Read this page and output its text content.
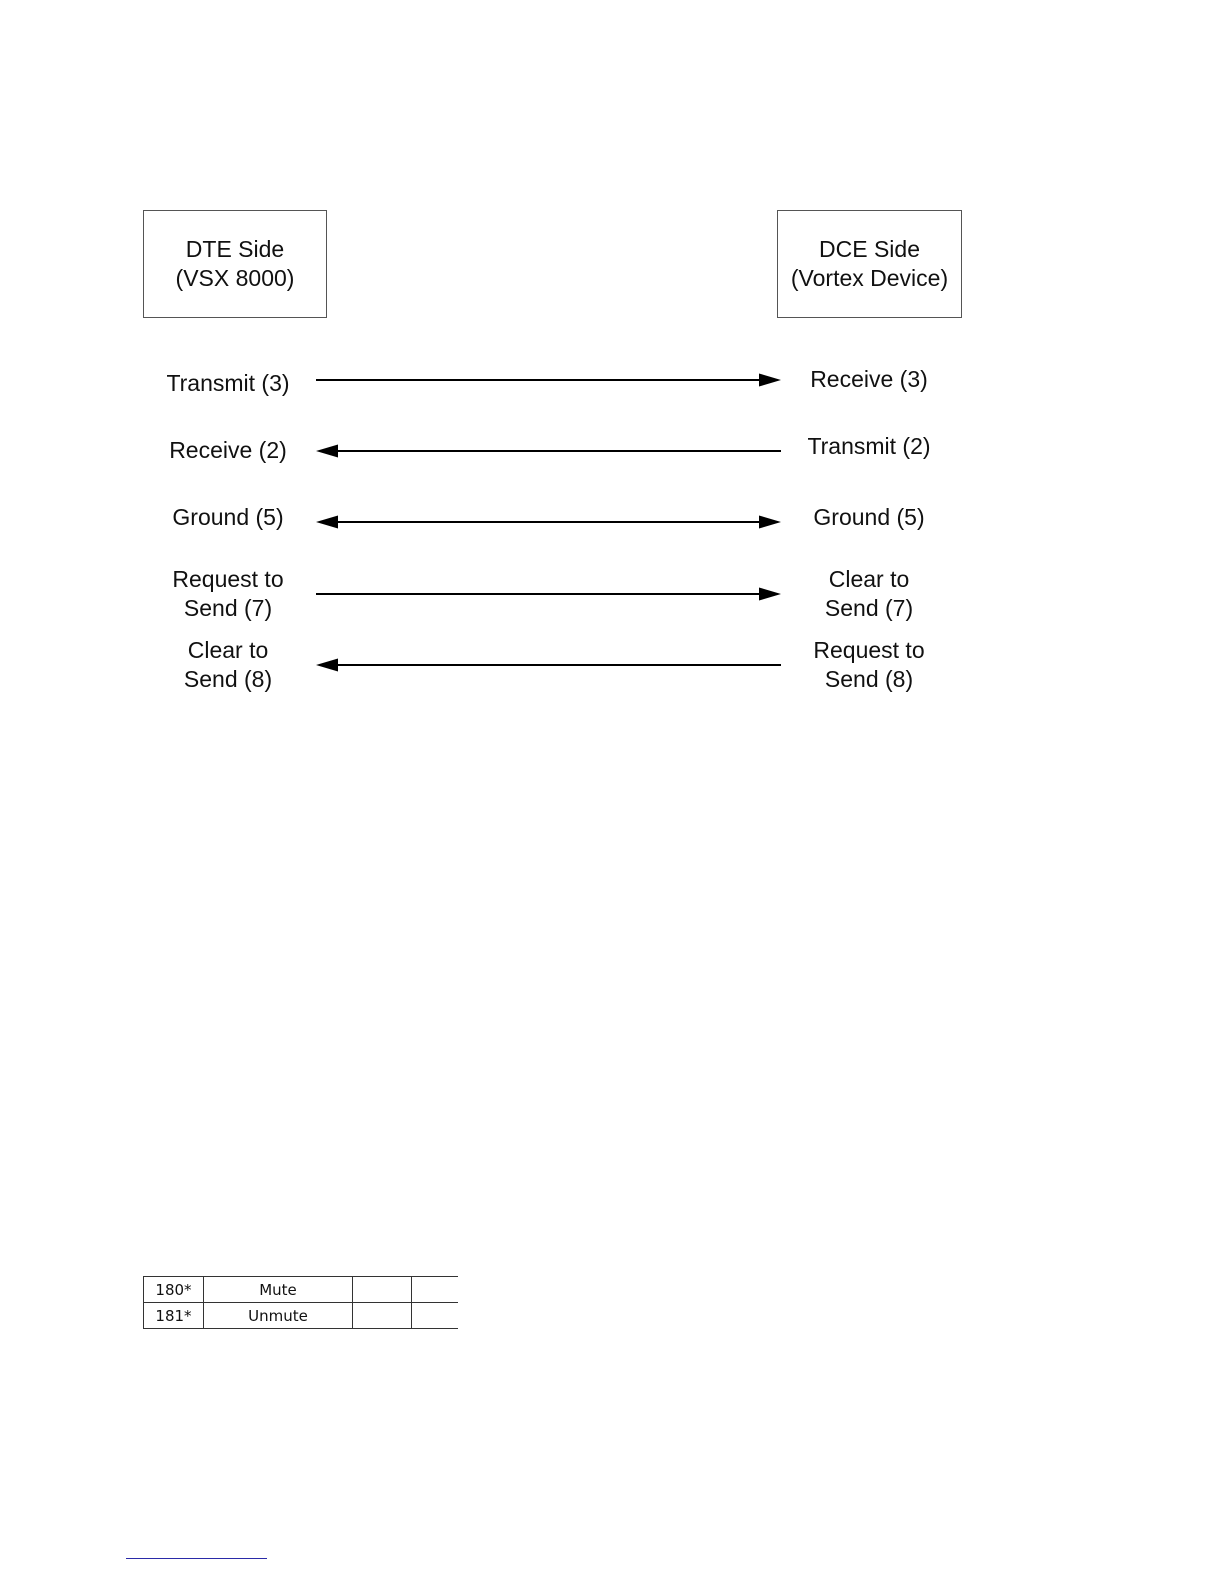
DTE Side
(VSX 8000)
DCE Side
(Vortex Device)
Transmit (3)	Receive (3)
Receive (2)	Transmit (2)
Ground (5)	Ground (5)
Request to
Send (7)
Clear to
Send (7)
Clear to
Send (8)
Request to
Send (8)
180*	Mute		
181*	Unmute		
